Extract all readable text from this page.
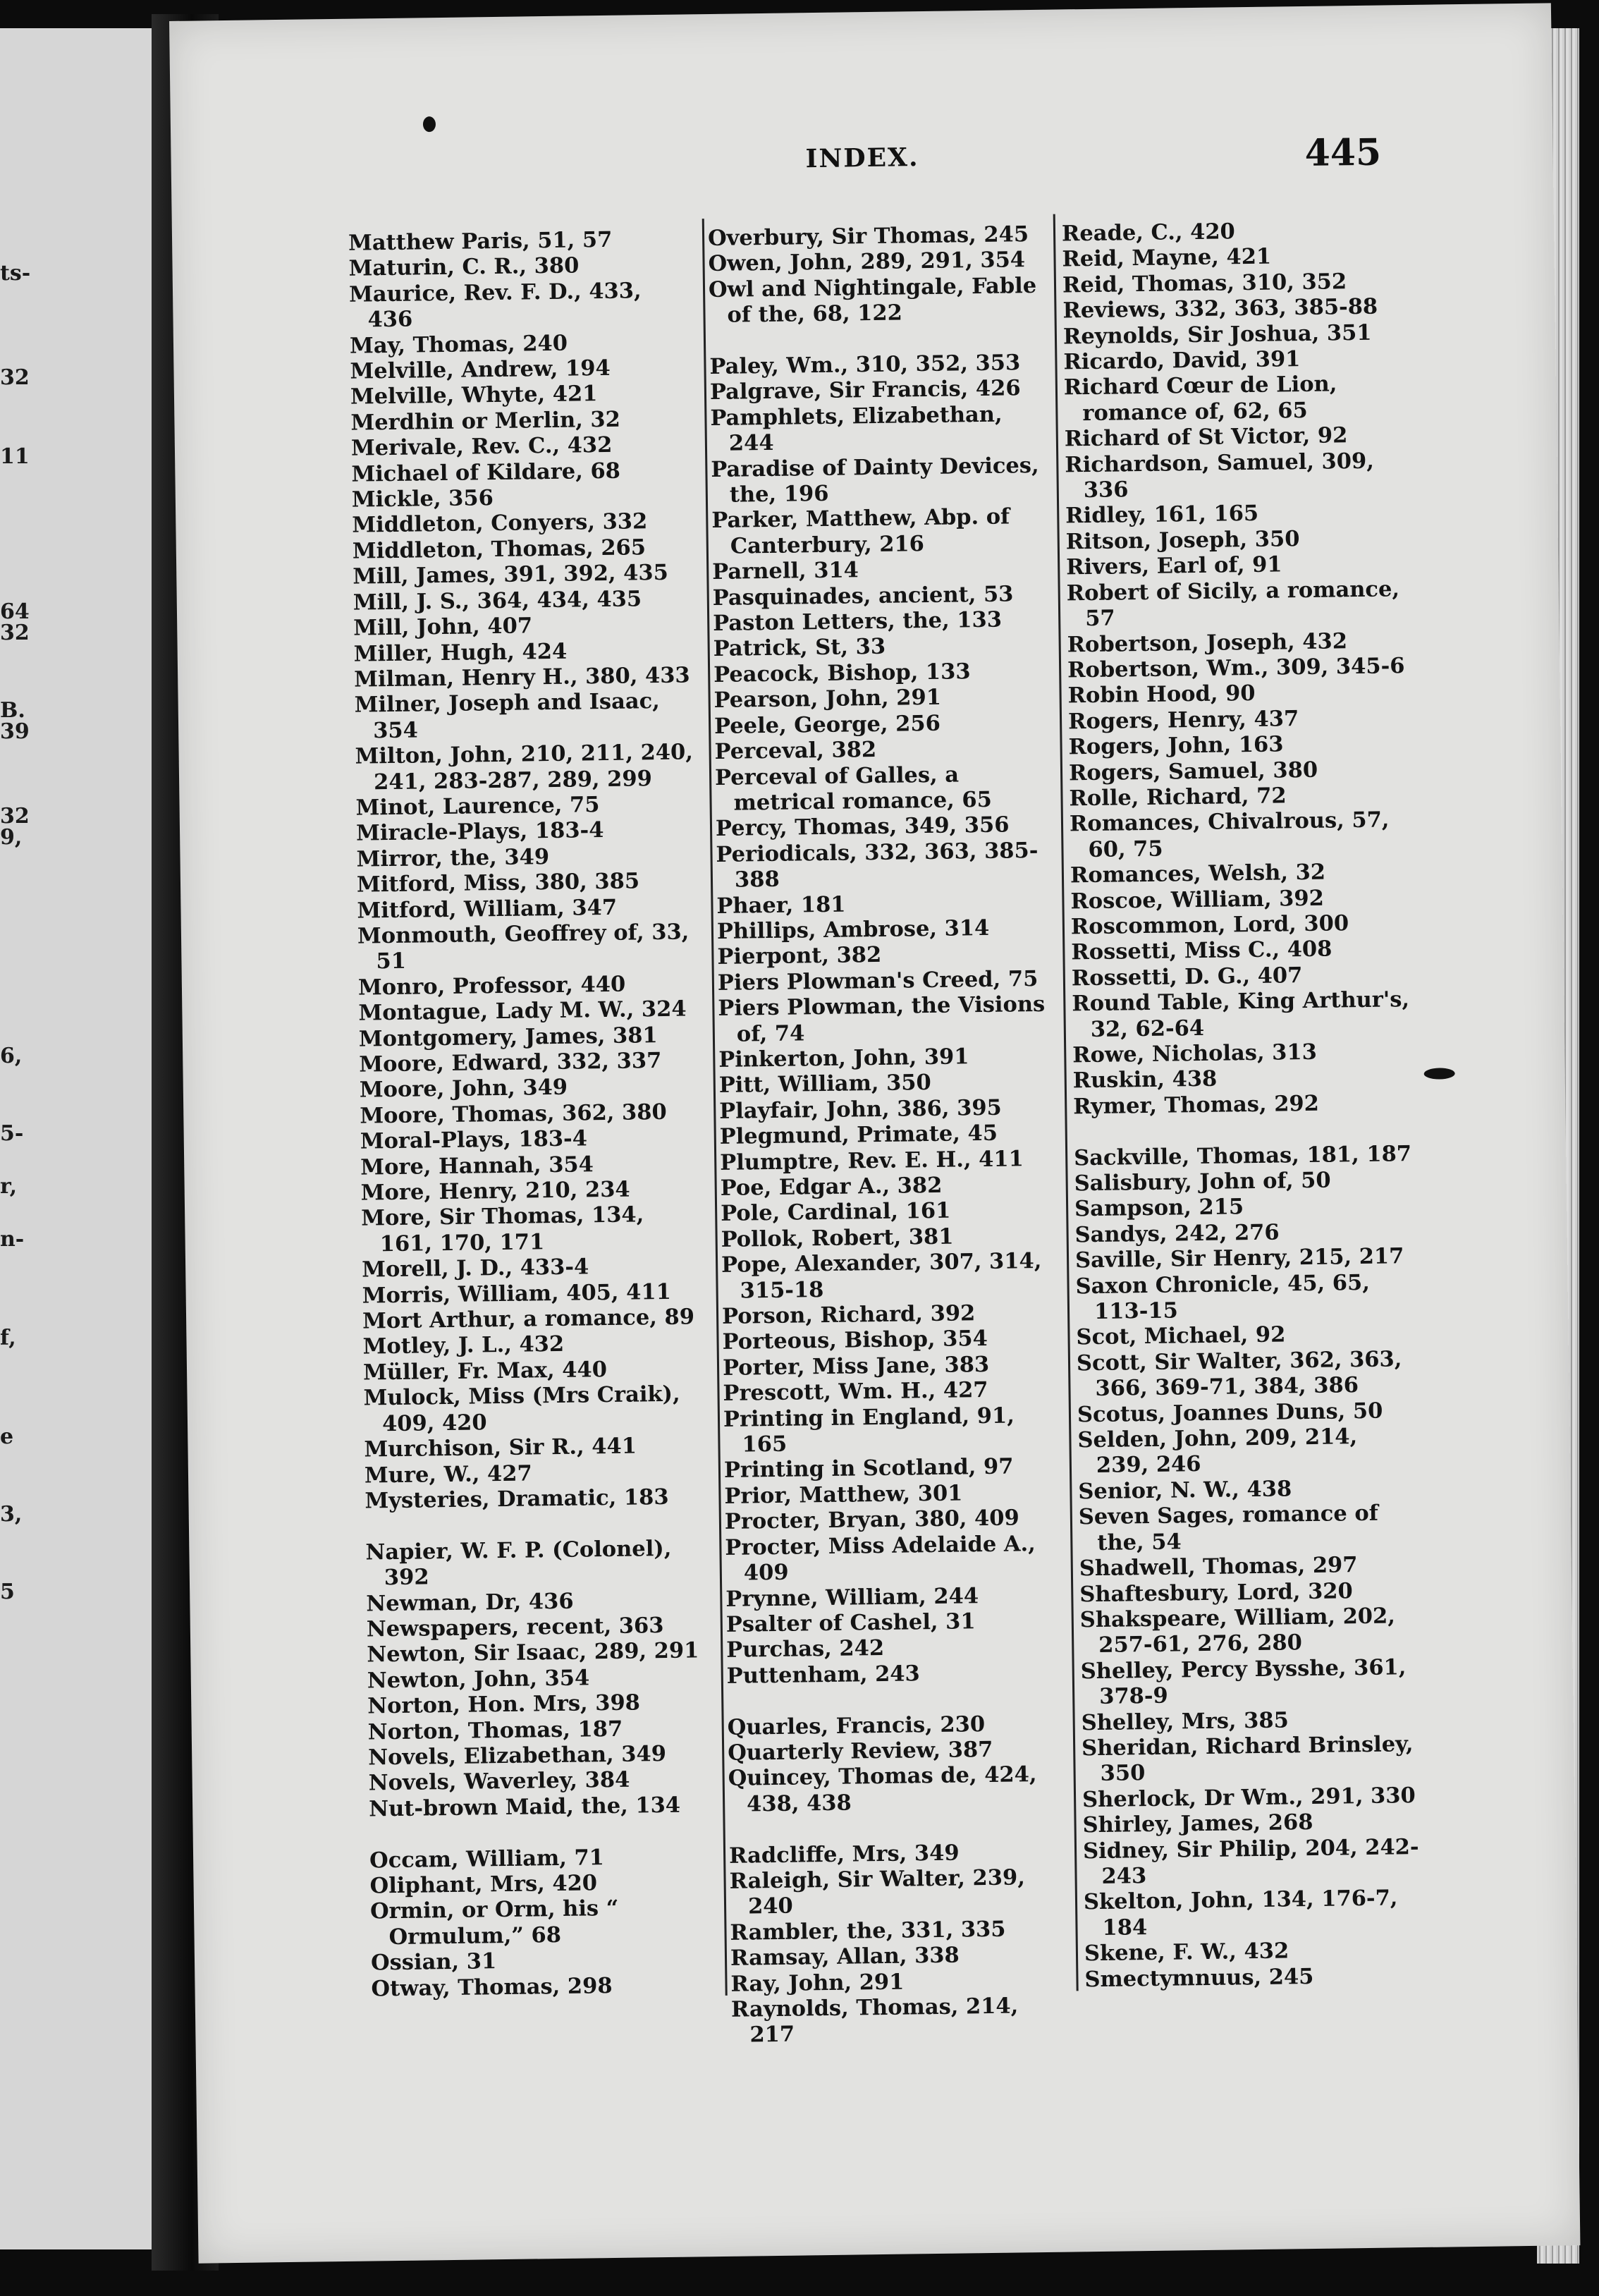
ts-
32
11
64
32
B.
39
32
9,
6,
5-
r,
n-
f,
e
3,
5
INDEX.	445
Matthew Paris, 51, 57
Maturin, C. R., 380
Maurice, Rev. F. D., 433, 436
May, Thomas, 240
Melville, Andrew, 194
Melville, Whyte, 421
Merdhin or Merlin, 32
Merivale, Rev. C., 432
Michael of Kildare, 68
Mickle, 356
Middleton, Conyers, 332
Middleton, Thomas, 265
Mill, James, 391, 392, 435
Mill, J. S., 364, 434, 435
Mill, John, 407
Miller, Hugh, 424
Milman, Henry H., 380, 433
Milner, Joseph and Isaac, 354
Milton, John, 210, 211, 240, 241, 283-287, 289, 299
Minot, Laurence, 75
Miracle-Plays, 183-4
Mirror, the, 349
Mitford, Miss, 380, 385
Mitford, William, 347
Monmouth, Geoffrey of, 33, 51
Monro, Professor, 440
Montague, Lady M. W., 324
Montgomery, James, 381
Moore, Edward, 332, 337
Moore, John, 349
Moore, Thomas, 362, 380
Moral-Plays, 183-4
More, Hannah, 354
More, Henry, 210, 234
More, Sir Thomas, 134, 161, 170, 171
Morell, J. D., 433-4
Morris, William, 405, 411
Mort Arthur, a romance, 89
Motley, J. L., 432
Müller, Fr. Max, 440
Mulock, Miss (Mrs Craik), 409, 420
Murchison, Sir R., 441
Mure, W., 427
Mysteries, Dramatic, 183
Napier, W. F. P. (Colonel), 392
Newman, Dr, 436
Newspapers, recent, 363
Newton, Sir Isaac, 289, 291
Newton, John, 354
Norton, Hon. Mrs, 398
Norton, Thomas, 187
Novels, Elizabethan, 349
Novels, Waverley, 384
Nut-brown Maid, the, 134
Occam, William, 71
Oliphant, Mrs, 420
Ormin, or Orm, his “ Ormulum,” 68
Ossian, 31
Otway, Thomas, 298
Overbury, Sir Thomas, 245
Owen, John, 289, 291, 354
Owl and Nightingale, Fable of the, 68, 122
Paley, Wm., 310, 352, 353
Palgrave, Sir Francis, 426
Pamphlets, Elizabethan, 244
Paradise of Dainty Devices, the, 196
Parker, Matthew, Abp. of Canterbury, 216
Parnell, 314
Pasquinades, ancient, 53
Paston Letters, the, 133
Patrick, St, 33
Peacock, Bishop, 133
Pearson, John, 291
Peele, George, 256
Perceval, 382
Perceval of Galles, a metrical romance, 65
Percy, Thomas, 349, 356
Periodicals, 332, 363, 385-388
Phaer, 181
Phillips, Ambrose, 314
Pierpont, 382
Piers Plowman's Creed, 75
Piers Plowman, the Visions of, 74
Pinkerton, John, 391
Pitt, William, 350
Playfair, John, 386, 395
Plegmund, Primate, 45
Plumptre, Rev. E. H., 411
Poe, Edgar A., 382
Pole, Cardinal, 161
Pollok, Robert, 381
Pope, Alexander, 307, 314, 315-18
Porson, Richard, 392
Porteous, Bishop, 354
Porter, Miss Jane, 383
Prescott, Wm. H., 427
Printing in England, 91, 165
Printing in Scotland, 97
Prior, Matthew, 301
Procter, Bryan, 380, 409
Procter, Miss Adelaide A., 409
Prynne, William, 244
Psalter of Cashel, 31
Purchas, 242
Puttenham, 243
Quarles, Francis, 230
Quarterly Review, 387
Quincey, Thomas de, 424, 438, 438
Radcliffe, Mrs, 349
Raleigh, Sir Walter, 239, 240
Rambler, the, 331, 335
Ramsay, Allan, 338
Ray, John, 291
Raynolds, Thomas, 214, 217
Reade, C., 420
Reid, Mayne, 421
Reid, Thomas, 310, 352
Reviews, 332, 363, 385-88
Reynolds, Sir Joshua, 351
Ricardo, David, 391
Richard Cœur de Lion, romance of, 62, 65
Richard of St Victor, 92
Richardson, Samuel, 309, 336
Ridley, 161, 165
Ritson, Joseph, 350
Rivers, Earl of, 91
Robert of Sicily, a romance, 57
Robertson, Joseph, 432
Robertson, Wm., 309, 345-6
Robin Hood, 90
Rogers, Henry, 437
Rogers, John, 163
Rogers, Samuel, 380
Rolle, Richard, 72
Romances, Chivalrous, 57, 60, 75
Romances, Welsh, 32
Roscoe, William, 392
Roscommon, Lord, 300
Rossetti, Miss C., 408
Rossetti, D. G., 407
Round Table, King Arthur's, 32, 62-64
Rowe, Nicholas, 313
Ruskin, 438
Rymer, Thomas, 292
Sackville, Thomas, 181, 187
Salisbury, John of, 50
Sampson, 215
Sandys, 242, 276
Saville, Sir Henry, 215, 217
Saxon Chronicle, 45, 65, 113-15
Scot, Michael, 92
Scott, Sir Walter, 362, 363, 366, 369-71, 384, 386
Scotus, Joannes Duns, 50
Selden, John, 209, 214, 239, 246
Senior, N. W., 438
Seven Sages, romance of the, 54
Shadwell, Thomas, 297
Shaftesbury, Lord, 320
Shakspeare, William, 202, 257-61, 276, 280
Shelley, Percy Bysshe, 361, 378-9
Shelley, Mrs, 385
Sheridan, Richard Brinsley, 350
Sherlock, Dr Wm., 291, 330
Shirley, James, 268
Sidney, Sir Philip, 204, 242-243
Skelton, John, 134, 176-7, 184
Skene, F. W., 432
Smectymnuus, 245
